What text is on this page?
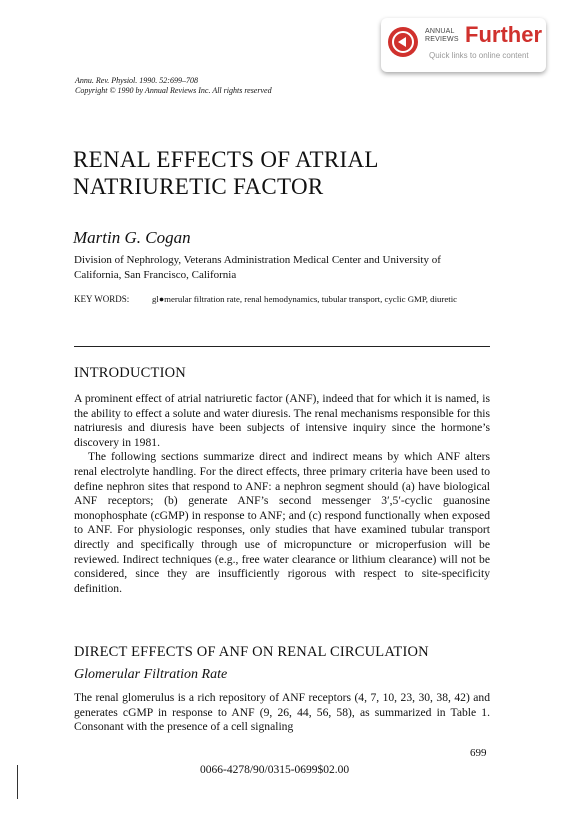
ANNUAL
REVIEWS Further
Quick links to online content
Annu. Rev. Physiol. 1990. 52:699–708
Copyright © 1990 by Annual Reviews Inc. All rights reserved
RENAL EFFECTS OF ATRIAL
NATRIURETIC FACTOR
Martin G. Cogan
Division of Nephrology, Veterans Administration Medical Center and University of California, San Francisco, California
KEY WORDS:	gl●merular filtration rate, renal hemodynamics, tubular transport, cyclic GMP, diuretic
INTRODUCTION

A prominent effect of atrial natriuretic factor (ANF), indeed that for which it is named, is the ability to effect a solute and water diuresis. The renal mechanisms responsible for this natriuresis and diuresis have been subjects of intensive inquiry since the hormone’s discovery in 1981.

The following sections summarize direct and indirect means by which ANF alters renal electrolyte handling. For the direct effects, three primary criteria have been used to define nephron sites that respond to ANF: a nephron segment should (a) have biological ANF receptors; (b) generate ANF’s second messenger 3′,5′-cyclic guanosine monophosphate (cGMP) in response to ANF; and (c) respond functionally when exposed to ANF. For physiologic responses, only studies that have examined tubular transport directly and specifically through use of micropuncture or microperfusion will be reviewed. Indirect techniques (e.g., free water clearance or lithium clearance) will not be considered, since they are insufficiently rigorous with respect to site-specificity definition.

DIRECT EFFECTS OF ANF ON RENAL CIRCULATION
Glomerular Filtration Rate

The renal glomerulus is a rich repository of ANF receptors (4, 7, 10, 23, 30, 38, 42) and generates cGMP in response to ANF (9, 26, 44, 56, 58), as summarized in Table 1. Consonant with the presence of a cell signaling

699
0066-4278/90/0315-0699$02.00
